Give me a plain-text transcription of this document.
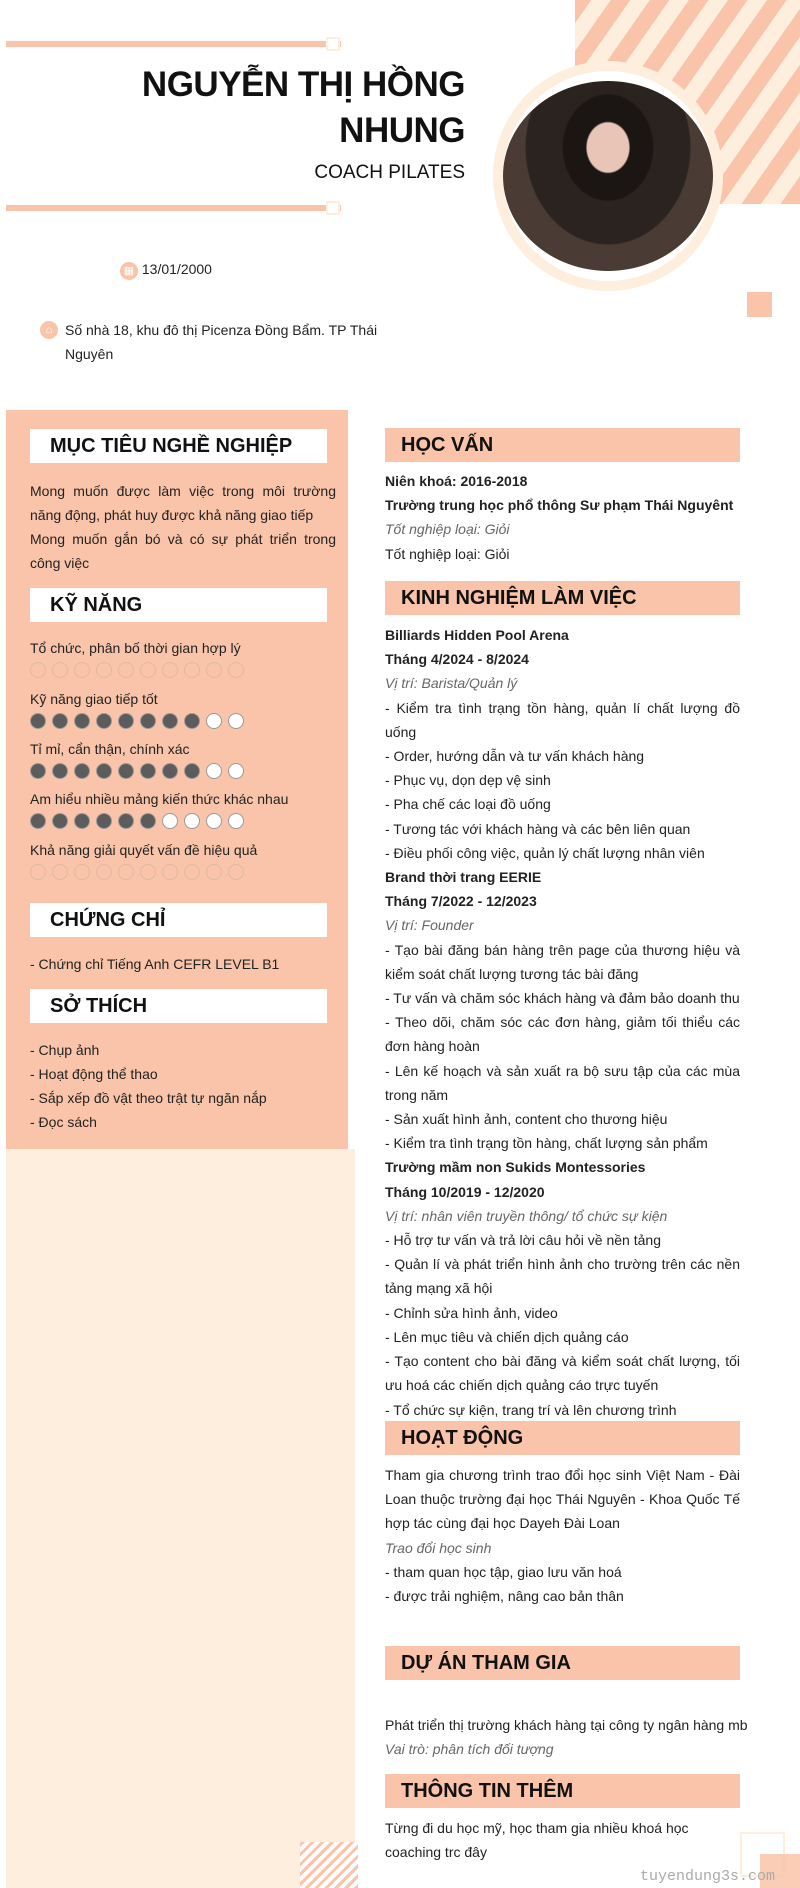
NGUYỄN THỊ HỒNG NHUNG
COACH PILATES
▦ 13/01/2000
⌂ Số nhà 18, khu đô thị Picenza Đồng Bẩm. TP Thái Nguyên
MỤC TIÊU NGHỀ NGHIỆP
Mong muốn được làm việc trong môi trường năng động, phát huy được khả năng giao tiếp
Mong muốn gắn bó và có sự phát triển trong công việc
KỸ NĂNG
Tổ chức, phân bố thời gian hợp lý
Kỹ năng giao tiếp tốt
Tỉ mỉ, cẩn thận, chính xác
Am hiểu nhiều mảng kiến thức khác nhau
Khả năng giải quyết vấn đề hiệu quả
CHỨNG CHỈ
- Chứng chỉ Tiếng Anh CEFR LEVEL B1
SỞ THÍCH
- Chụp ảnh
- Hoạt động thể thao
- Sắp xếp đồ vật theo trật tự ngăn nắp
- Đọc sách
HỌC VẤN
Niên khoá: 2016-2018
Trường trung học phổ thông Sư phạm Thái Nguyênt
Tốt nghiệp loại: Giỏi
Tốt nghiệp loại: Giỏi
KINH NGHIỆM LÀM VIỆC
Billiards Hidden Pool Arena
Tháng 4/2024 - 8/2024
Vị trí: Barista/Quản lý
- Kiểm tra tình trạng tồn hàng, quản lí chất lượng đồ uống
- Order, hướng dẫn và tư vấn khách hàng
- Phục vụ, dọn dẹp vệ sinh
- Pha chế các loại đồ uống
- Tương tác với khách hàng và các bên liên quan
- Điều phối công việc, quản lý chất lượng nhân viên
Brand thời trang EERIE
Tháng 7/2022 - 12/2023
Vị trí: Founder
- Tạo bài đăng bán hàng trên page của thương hiệu và kiểm soát chất lượng tương tác bài đăng
- Tư vấn và chăm sóc khách hàng và đảm bảo doanh thu
- Theo dõi, chăm sóc các đơn hàng, giảm tối thiểu các đơn hàng hoàn
- Lên kế hoạch và sản xuất ra bộ sưu tập của các mùa trong năm
- Sản xuất hình ảnh, content cho thương hiệu
- Kiểm tra tình trạng tồn hàng, chất lượng sản phẩm
Trường mầm non Sukids Montessories
Tháng 10/2019 - 12/2020
Vị trí: nhân viên truyền thông/ tổ chức sự kiện
- Hỗ trợ tư vấn và trả lời câu hỏi về nền tảng
- Quản lí và phát triển hình ảnh cho trường trên các nền tảng mạng xã hội
- Chỉnh sửa hình ảnh, video
- Lên mục tiêu và chiến dịch quảng cáo
- Tạo content cho bài đăng và kiểm soát chất lượng, tối ưu hoá các chiến dịch quảng cáo trực tuyến
- Tổ chức sự kiện, trang trí và lên chương trình
HOẠT ĐỘNG
Tham gia chương trình trao đổi học sinh Việt Nam - Đài Loan thuộc trường đại học Thái Nguyên - Khoa Quốc Tế hợp tác cùng đại học Dayeh Đài Loan
Trao đổi học sinh
- tham quan học tập, giao lưu văn hoá
- được trải nghiệm, nâng cao bản thân
DỰ ÁN THAM GIA
Phát triển thị trường khách hàng tại công ty ngân hàng mb
Vai trò: phân tích đối tượng
THÔNG TIN THÊM
Từng đi du học mỹ, học tham gia nhiều khoá học coaching trc đây
tuyendung3s.com
